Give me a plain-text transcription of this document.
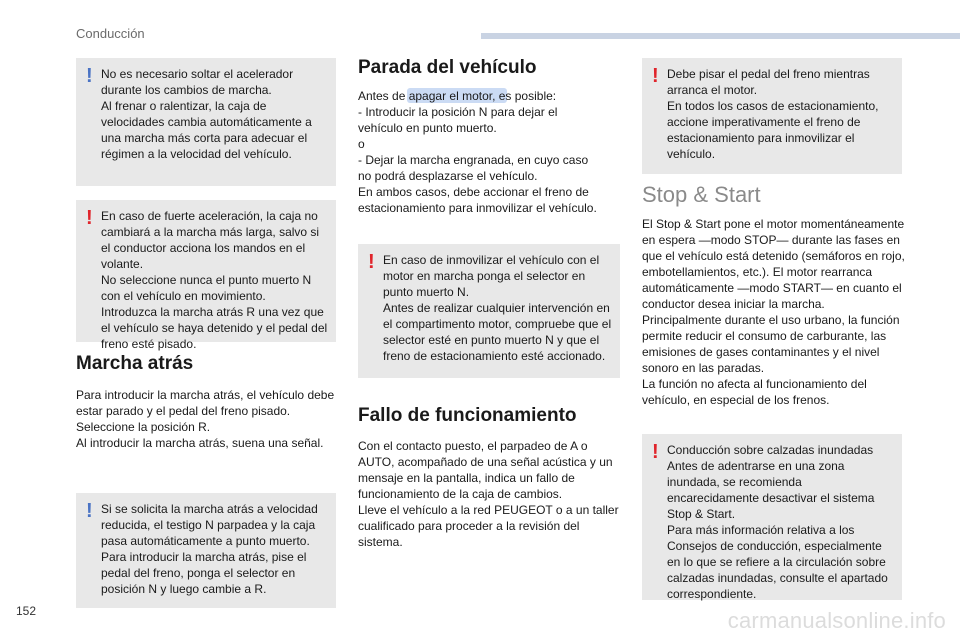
Conducción
! No es necesario soltar el acelerador durante los cambios de marcha.
Al frenar o ralentizar, la caja de velocidades cambia automáticamente a una marcha más corta para adecuar el régimen a la velocidad del vehículo.
! En caso de fuerte aceleración, la caja no cambiará a la marcha más larga, salvo si el conductor acciona los mandos en el volante.
No seleccione nunca el punto muerto N con el vehículo en movimiento.
Introduzca la marcha atrás R una vez que el vehículo se haya detenido y el pedal del freno esté pisado.
Marcha atrás
Para introducir la marcha atrás, el vehículo debe estar parado y el pedal del freno pisado.
Seleccione la posición R.
Al introducir la marcha atrás, suena una señal.
! Si se solicita la marcha atrás a velocidad reducida, el testigo N parpadea y la caja pasa automáticamente a punto muerto.
Para introducir la marcha atrás, pise el pedal del freno, ponga el selector en posición N y luego cambie a R.
Parada del vehículo
Antes de apagar el motor, es posible:
- Introducir la posición N para dejar el
vehículo en punto muerto.
o
- Dejar la marcha engranada, en cuyo caso
no podrá desplazarse el vehículo.
En ambos casos, debe accionar el freno de estacionamiento para inmovilizar el vehículo.
! En caso de inmovilizar el vehículo con el motor en marcha ponga el selector en punto muerto N.
Antes de realizar cualquier intervención en el compartimento motor, compruebe que el selector esté en punto muerto N y que el freno de estacionamiento esté accionado.
Fallo de funcionamiento
Con el contacto puesto, el parpadeo de A o AUTO, acompañado de una señal acústica y un mensaje en la pantalla, indica un fallo de funcionamiento de la caja de cambios.
Lleve el vehículo a la red PEUGEOT o a un taller cualificado para proceder a la revisión del sistema.
! Debe pisar el pedal del freno mientras arranca el motor.
En todos los casos de estacionamiento, accione imperativamente el freno de estacionamiento para inmovilizar el vehículo.
Stop & Start
El Stop & Start pone el motor momentáneamente en espera —modo STOP— durante las fases en que el vehículo está detenido (semáforos en rojo, embotellamientos, etc.). El motor rearranca automáticamente —modo START— en cuanto el conductor desea iniciar la marcha.
Principalmente durante el uso urbano, la función permite reducir el consumo de carburante, las emisiones de gases contaminantes y el nivel sonoro en las paradas.
La función no afecta al funcionamiento del vehículo, en especial de los frenos.
! Conducción sobre calzadas inundadas
Antes de adentrarse en una zona inundada, se recomienda encarecidamente desactivar el sistema Stop & Start.
Para más información relativa a los Consejos de conducción, especialmente en lo que se refiere a la circulación sobre calzadas inundadas, consulte el apartado correspondiente.
152	carmanualsonline.info
